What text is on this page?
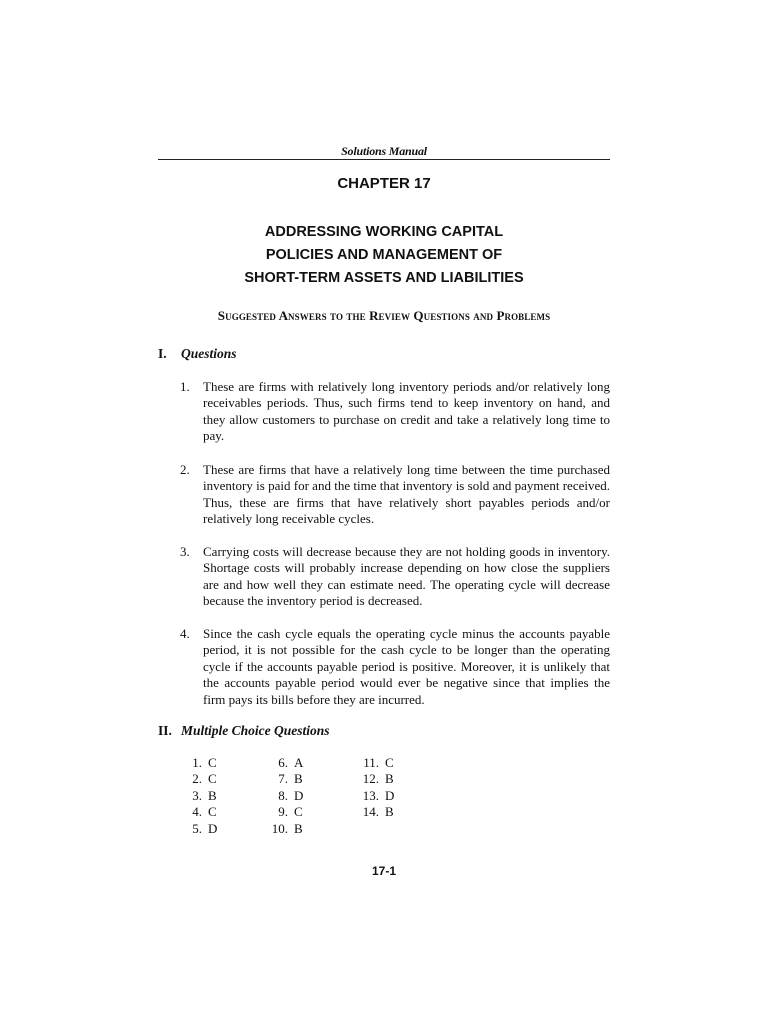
Solutions Manual
CHAPTER 17
ADDRESSING WORKING CAPITAL
POLICIES AND MANAGEMENT OF
SHORT-TERM ASSETS AND LIABILITIES
Suggested Answers to the Review Questions and Problems
I. Questions
1.	These are firms with relatively long inventory periods and/or relatively long receivables periods. Thus, such firms tend to keep inventory on hand, and they allow customers to purchase on credit and take a relatively long time to pay.
2.	These are firms that have a relatively long time between the time purchased inventory is paid for and the time that inventory is sold and payment received. Thus, these are firms that have relatively short payables periods and/or relatively long receivable cycles.
3.	Carrying costs will decrease because they are not holding goods in inventory. Shortage costs will probably increase depending on how close the suppliers are and how well they can estimate need. The operating cycle will decrease because the inventory period is decreased.
4.	Since the cash cycle equals the operating cycle minus the accounts payable period, it is not possible for the cash cycle to be longer than the operating cycle if the accounts payable period is positive. Moreover, it is unlikely that the accounts payable period would ever be negative since that implies the firm pays its bills before they are incurred.
II. Multiple Choice Questions
1. C
2. C
3. B
4. C
5. D
6. A
7. B
8. D
9. C
10. B
11. C
12. B
13. D
14. B
17-1
